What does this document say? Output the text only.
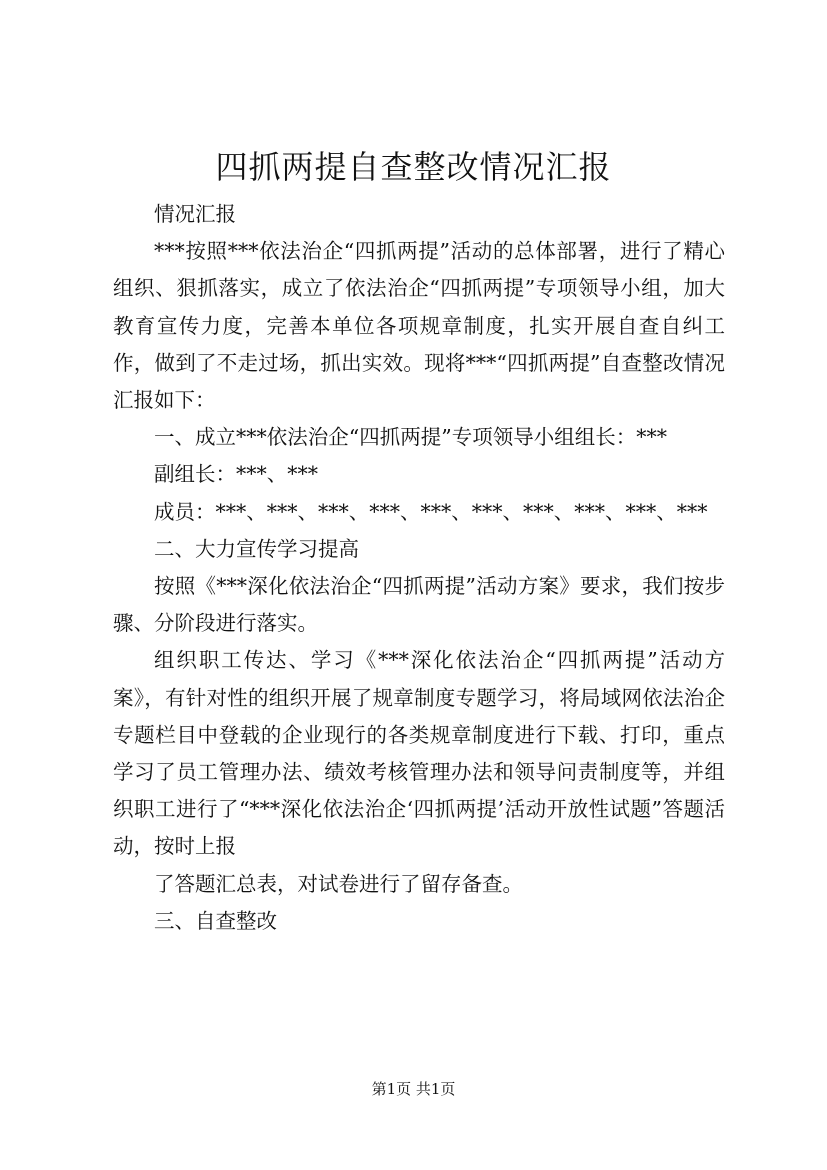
四抓两提自查整改情况汇报

情况汇报

***按照***依法治企“四抓两提”活动的总体部署，进行了精心组织、狠抓落实，成立了依法治企“四抓两提”专项领导小组，加大教育宣传力度，完善本单位各项规章制度，扎实开展自查自纠工作，做到了不走过场，抓出实效。现将***“四抓两提”自查整改情况汇报如下：

一、成立***依法治企“四抓两提”专项领导小组组长：***

副组长：***、***

成员：***、***、***、***、***、***、***、***、***、***

二、大力宣传学习提高

按照《***深化依法治企“四抓两提”活动方案》要求，我们按步骤、分阶段进行落实。

组织职工传达、学习《***深化依法治企“四抓两提”活动方案》，有针对性的组织开展了规章制度专题学习，将局域网依法治企专题栏目中登载的企业现行的各类规章制度进行下载、打印，重点学习了员工管理办法、绩效考核管理办法和领导问责制度等，并组织职工进行了“***深化依法治企‘四抓两提’活动开放性试题”答题活动，按时上报

了答题汇总表，对试卷进行了留存备查。

三、自查整改

第1页 共1页
